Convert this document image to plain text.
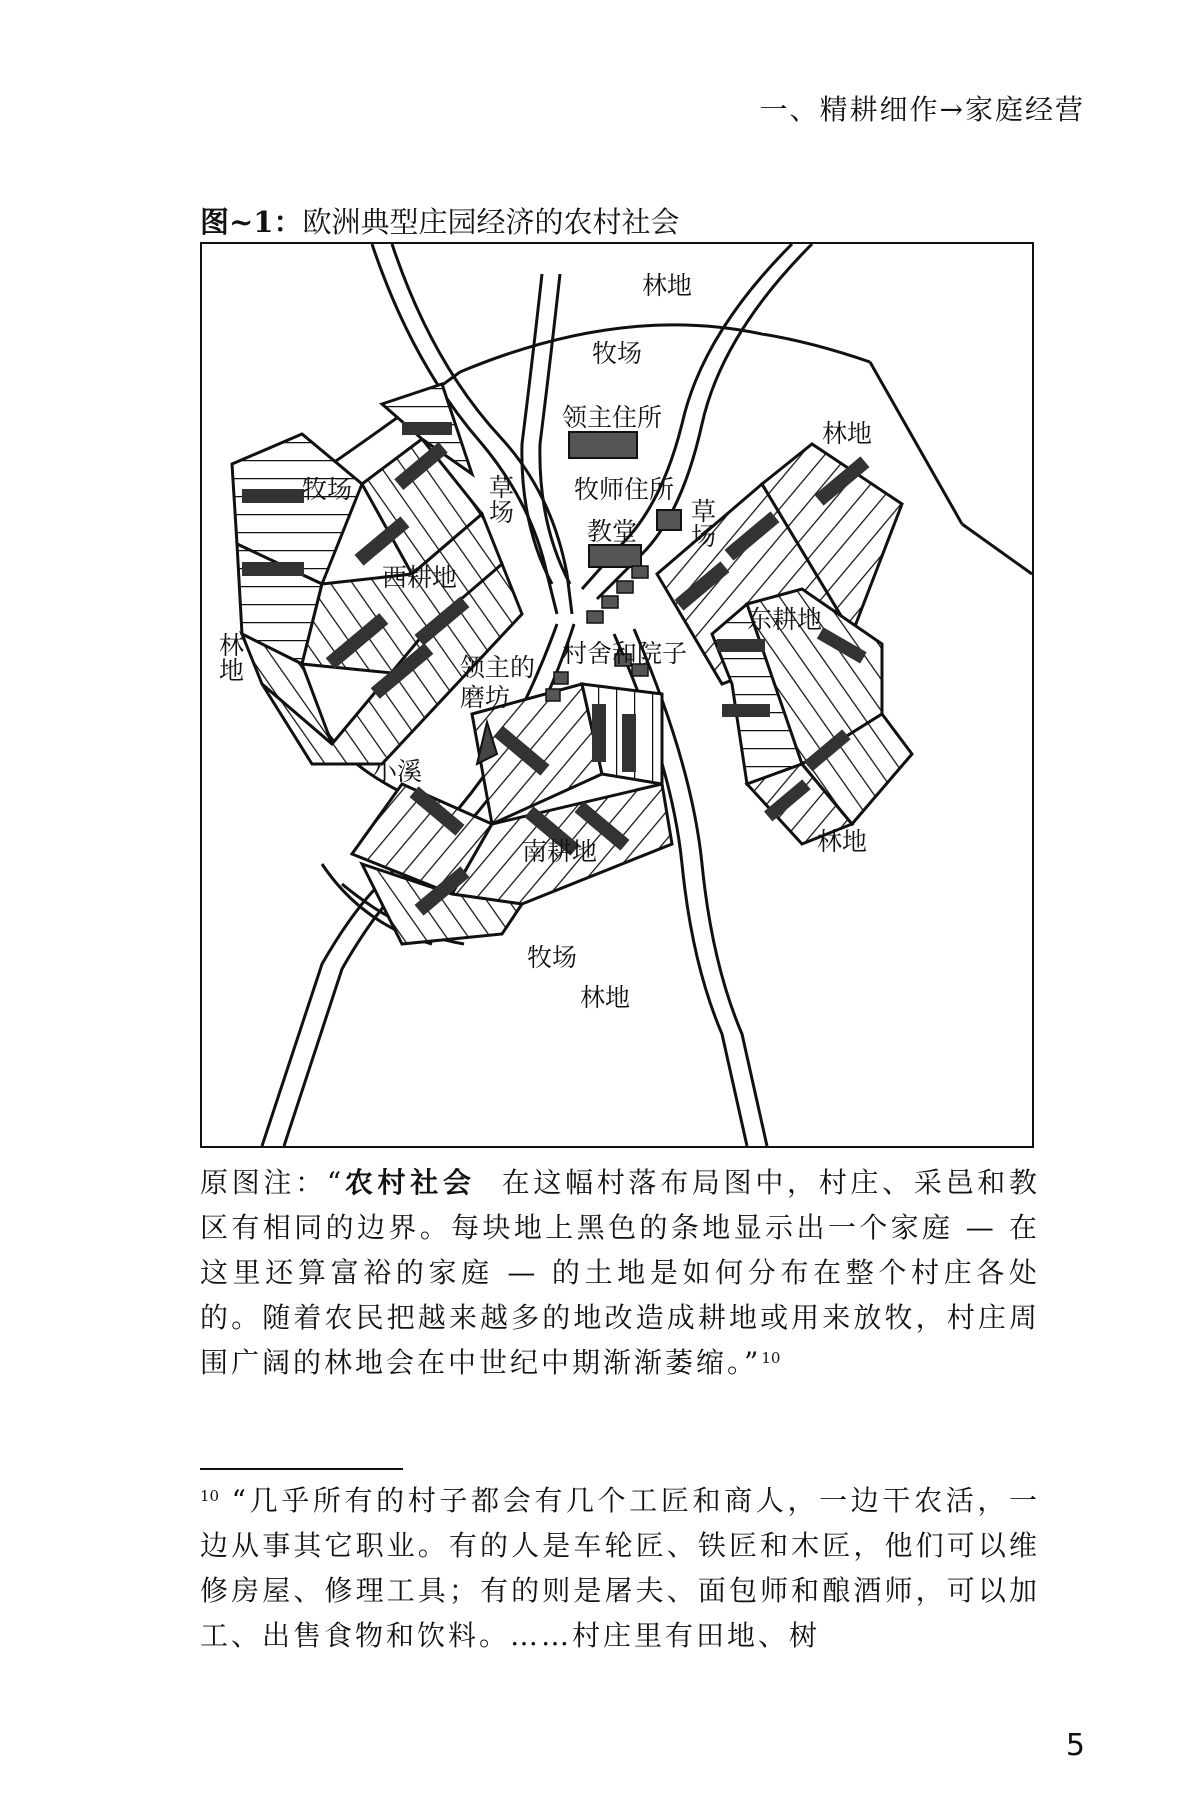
一、精耕细作→家庭经营
图~1：欧洲典型庄园经济的农村社会
林地
林地
林地
林地
林地
牧场
牧场
牧场
领主住所
牧师住所
教堂
草场	草场
西耕地
东耕地
南耕地
村舍和院子
领主的
磨坊
小溪
原图注：“农村社会 在这幅村落布局图中，村庄、采邑和教区有相同的边界。每块地上黑色的条地显示出一个家庭 — 在这里还算富裕的家庭 — 的土地是如何分布在整个村庄各处的。随着农民把越来越多的地改造成耕地或用来放牧，村庄周围广阔的林地会在中世纪中期渐渐萎缩。”$^{10}$
$^{10}$ “几乎所有的村子都会有几个工匠和商人，一边干农活，一边从事其它职业。有的人是车轮匠、铁匠和木匠，他们可以维修房屋、修理工具；有的则是屠夫、面包师和酿酒师，可以加工、出售食物和饮料。……村庄里有田地、树
5
